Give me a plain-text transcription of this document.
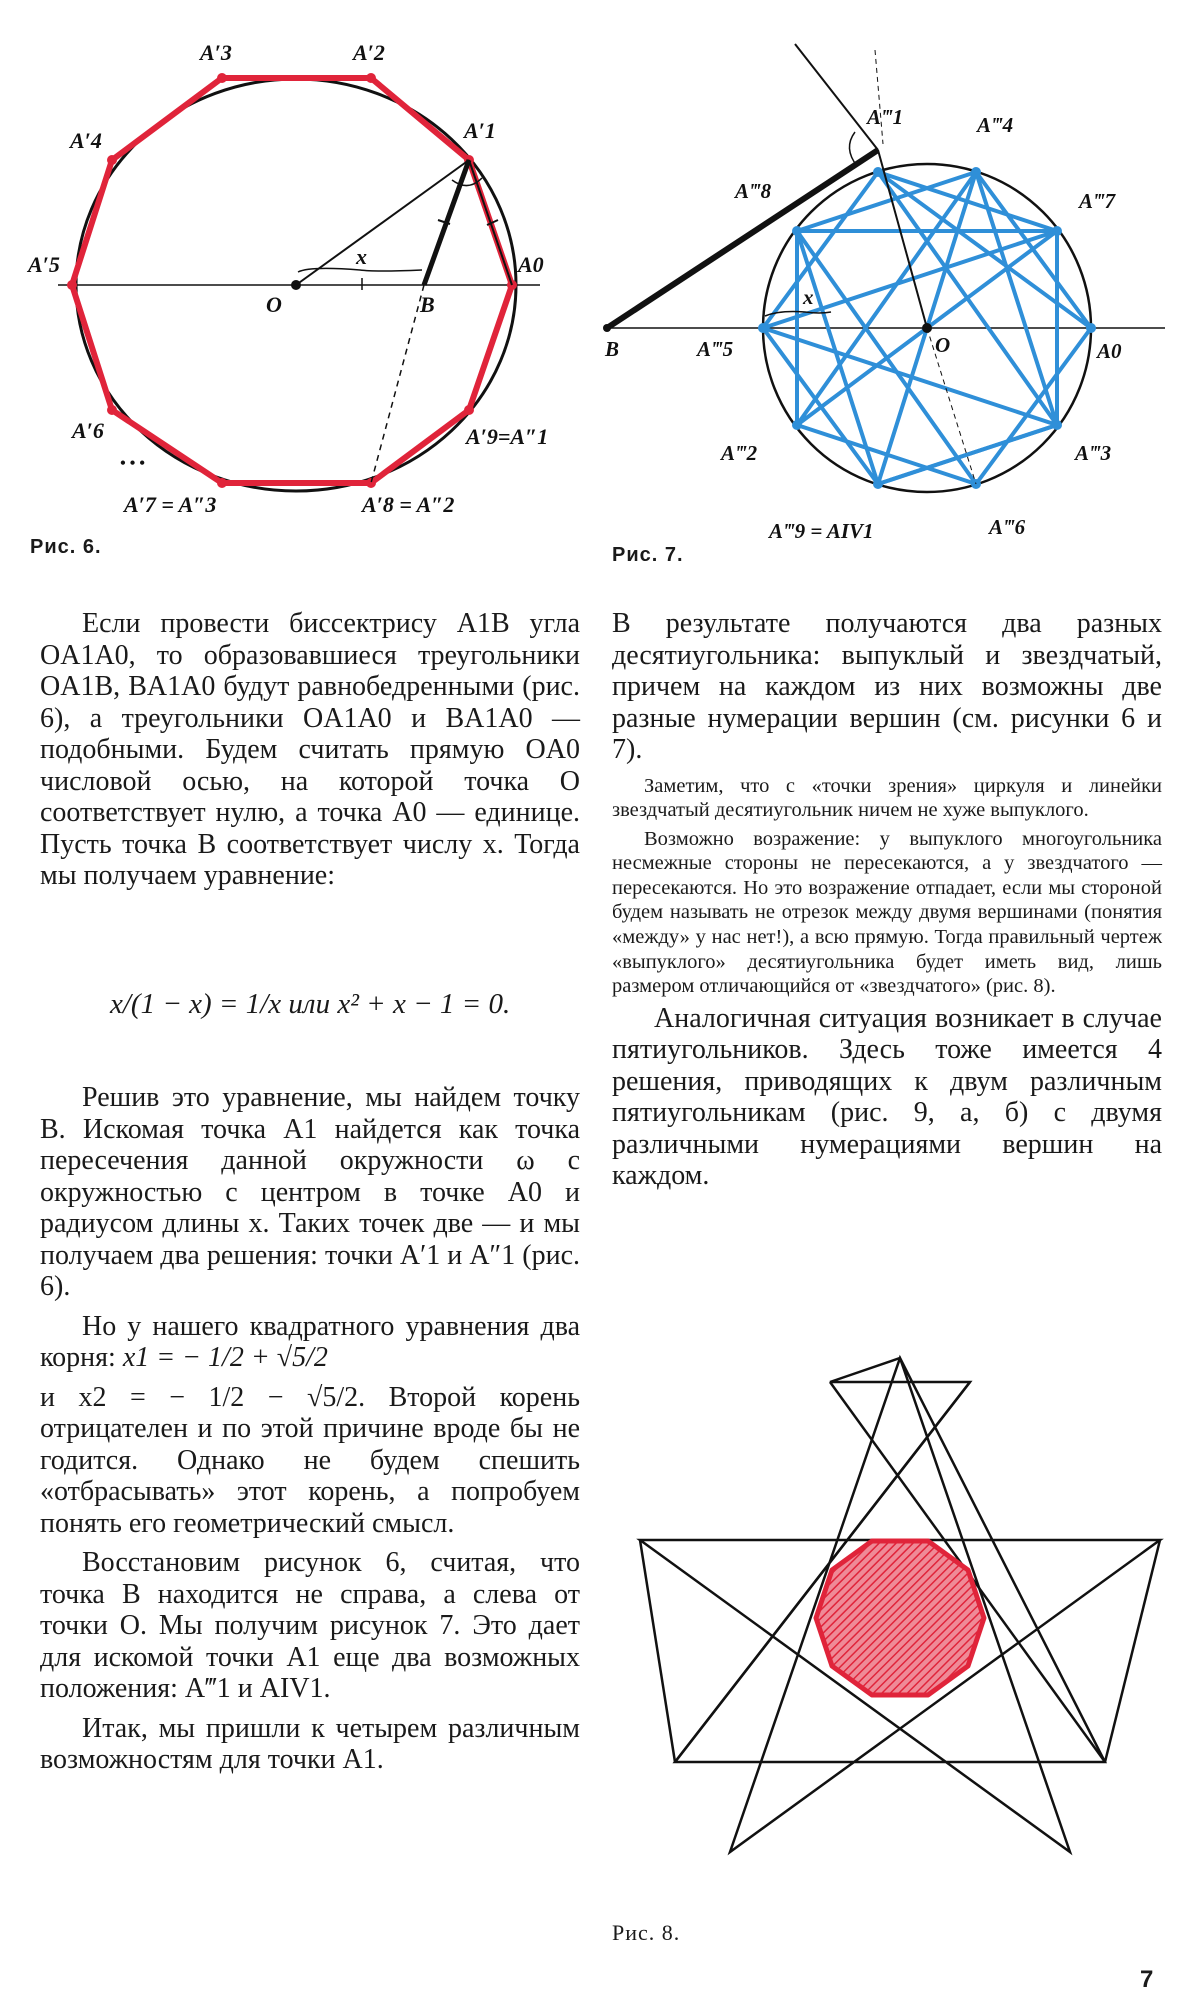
A′3	A′2
A′1
A′4
A′5	A0
O	B
x
A′6	A′9=A″1
A′7 = A″3	A′8 = A″2
• • •
Рис. 6.
A‴1	A‴4
A‴8	A‴7
B
x
A‴5	O	A0
A‴2	A‴3
A‴9 = AIV1	A‴6
Рис. 7.

Если провести биссектрису A1B угла OA1A0, то образовавшиеся треугольники OA1B, BA1A0 будут равнобедренными (рис. 6), а треугольники OA1A0 и BA1A0 — подобными. Будем считать прямую OA0 числовой осью, на которой точка O соответствует нулю, а точка A0 — единице. Пусть точка B соответствует числу x. Тогда мы получаем уравнение:

x/(1 − x) = 1/x или x² + x − 1 = 0.

Решив это уравнение, мы найдем точку B. Искомая точка A1 найдется как точка пересечения данной окружности ω с окружностью с центром в точке A0 и радиусом длины x. Таких точек две — и мы получаем два решения: точки A′1 и A″1 (рис. 6).

Но у нашего квадратного уравнения два корня: x1 = − 1/2 + √5/2

и x2 = − 1/2 − √5/2. Второй корень отрицателен и по этой причине вроде бы не годится. Однако не будем спешить «отбрасывать» этот корень, а попробуем понять его геометрический смысл.

Восстановим рисунок 6, считая, что точка B находится не справа, а слева от точки O. Мы получим рисунок 7. Это дает для искомой точки A1 еще два возможных положения: A‴1 и AIV1.

Итак, мы пришли к четырем различным возможностям для точки A1.

В результате получаются два разных десятиугольника: выпуклый и звездчатый, причем на каждом из них возможны две разные нумерации вершин (см. рисунки 6 и 7).

Заметим, что с «точки зрения» циркуля и линейки звездчатый десятиугольник ничем не хуже выпуклого.

Возможно возражение: у выпуклого многоугольника несмежные стороны не пересекаются, а у звездчатого — пересекаются. Но это возражение отпадает, если мы стороной будем называть не отрезок между двумя вершинами (понятия «между» у нас нет!), а всю прямую. Тогда правильный чертеж «выпуклого» десятиугольника будет иметь вид, лишь размером отличающийся от «звездчатого» (рис. 8).

Аналогичная ситуация возникает в случае пятиугольников. Здесь тоже имеется 4 решения, приводящих к двум различным пятиугольникам (рис. 9, а, б) с двумя различными нумерациями вершин на каждом.

Рис. 8.
7
